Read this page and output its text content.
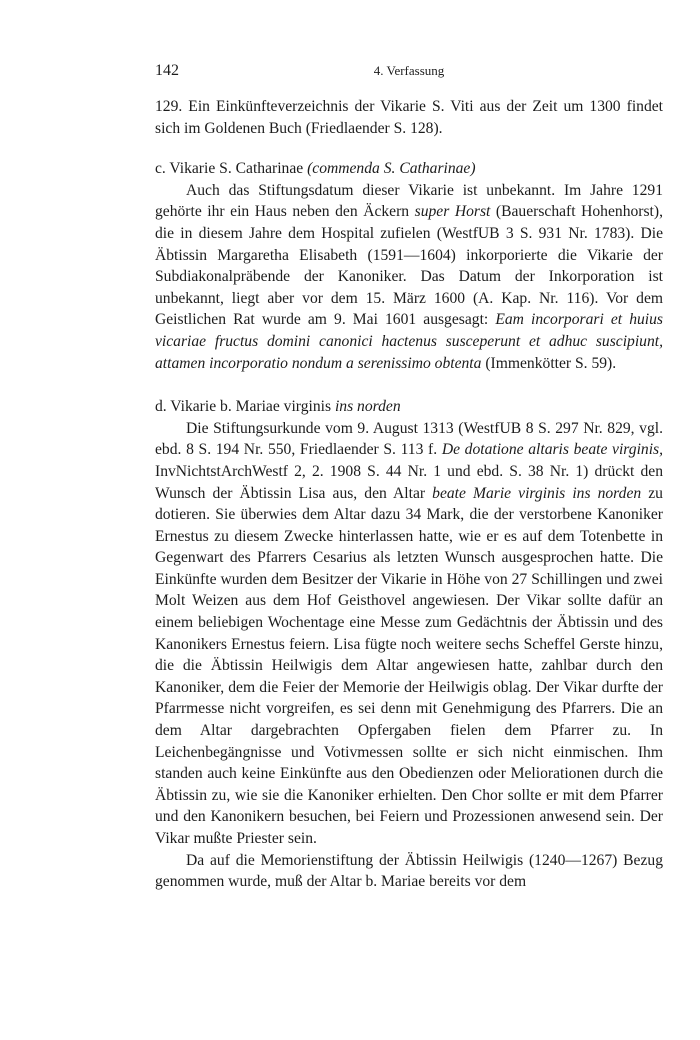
142	4. Verfassung

129. Ein Einkünfteverzeichnis der Vikarie S. Viti aus der Zeit um 1300 findet sich im Goldenen Buch (Friedlaender S. 128).

c. Vikarie S. Catharinae (commenda S. Catharinae)

Auch das Stiftungsdatum dieser Vikarie ist unbekannt. Im Jahre 1291 gehörte ihr ein Haus neben den Äckern super Horst (Bauerschaft Hohenhorst), die in diesem Jahre dem Hospital zufielen (WestfUB 3 S. 931 Nr. 1783). Die Äbtissin Margaretha Elisabeth (1591—1604) inkorporierte die Vikarie der Subdiakonalpräbende der Kanoniker. Das Datum der Inkorporation ist unbekannt, liegt aber vor dem 15. März 1600 (A. Kap. Nr. 116). Vor dem Geistlichen Rat wurde am 9. Mai 1601 ausgesagt: Eam incorporari et huius vicariae fructus domini canonici hactenus susceperunt et adhuc suscipiunt, attamen incorporatio nondum a serenissimo obtenta (Immenkötter S. 59).

d. Vikarie b. Mariae virginis ins norden

Die Stiftungsurkunde vom 9. August 1313 (WestfUB 8 S. 297 Nr. 829, vgl. ebd. 8 S. 194 Nr. 550, Friedlaender S. 113 f. De dotatione altaris beate virginis, InvNichtstArchWestf 2, 2. 1908 S. 44 Nr. 1 und ebd. S. 38 Nr. 1) drückt den Wunsch der Äbtissin Lisa aus, den Altar beate Marie virginis ins norden zu dotieren. Sie überwies dem Altar dazu 34 Mark, die der verstorbene Kanoniker Ernestus zu diesem Zwecke hinterlassen hatte, wie er es auf dem Totenbette in Gegenwart des Pfarrers Cesarius als letzten Wunsch ausgesprochen hatte. Die Einkünfte wurden dem Besitzer der Vikarie in Höhe von 27 Schillingen und zwei Molt Weizen aus dem Hof Geisthovel angewiesen. Der Vikar sollte dafür an einem beliebigen Wochentage eine Messe zum Gedächtnis der Äbtissin und des Kanonikers Ernestus feiern. Lisa fügte noch weitere sechs Scheffel Gerste hinzu, die die Äbtissin Heilwigis dem Altar angewiesen hatte, zahlbar durch den Kanoniker, dem die Feier der Memorie der Heilwigis oblag. Der Vikar durfte der Pfarrmesse nicht vorgreifen, es sei denn mit Genehmigung des Pfarrers. Die an dem Altar dargebrachten Opfergaben fielen dem Pfarrer zu. In Leichenbegängnisse und Votivmessen sollte er sich nicht einmischen. Ihm standen auch keine Einkünfte aus den Obedienzen oder Meliorationen durch die Äbtissin zu, wie sie die Kanoniker erhielten. Den Chor sollte er mit dem Pfarrer und den Kanonikern besuchen, bei Feiern und Prozessionen anwesend sein. Der Vikar mußte Priester sein.

Da auf die Memorienstiftung der Äbtissin Heilwigis (1240—1267) Bezug genommen wurde, muß der Altar b. Mariae bereits vor dem
